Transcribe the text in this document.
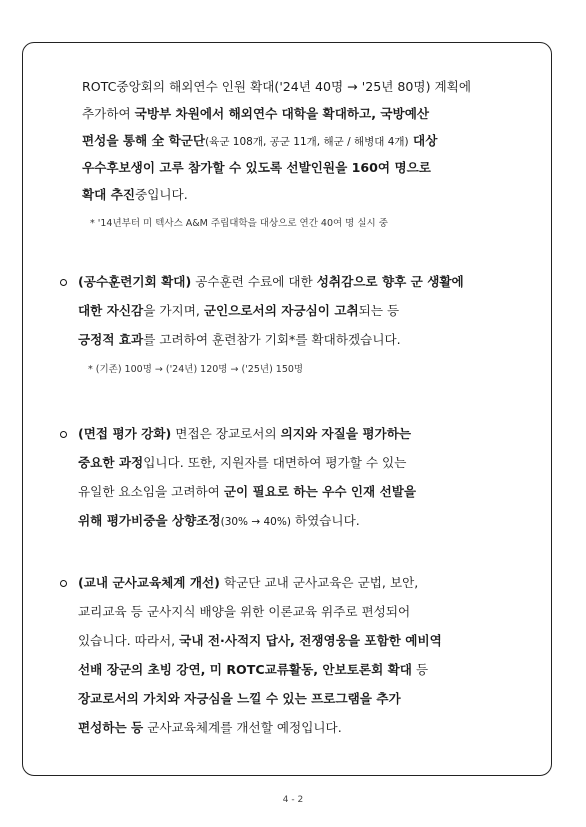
ROTC중앙회의 해외연수 인원 확대('24년 40명 → '25년 80명) 계획에
추가하여 국방부 차원에서 해외연수 대학을 확대하고, 국방예산
편성을 통해 全 학군단(육군 108개, 공군 11개, 해군 / 해병대 4개) 대상
우수후보생이 고루 참가할 수 있도록 선발인원을 160여 명으로
확대 추진중입니다.
* '14년부터 미 텍사스 A&M 주립대학을 대상으로 연간 40여 명 실시 중
(공수훈련기회 확대) 공수훈련 수료에 대한 성취감으로 향후 군 생활에
대한 자신감을 가지며, 군인으로서의 자긍심이 고취되는 등
긍정적 효과를 고려하여 훈련참가 기회*를 확대하겠습니다.
* (기존) 100명 → ('24년) 120명 → ('25년) 150명
(면접 평가 강화) 면접은 장교로서의 의지와 자질을 평가하는
중요한 과정입니다. 또한, 지원자를 대면하여 평가할 수 있는
유일한 요소임을 고려하여 군이 필요로 하는 우수 인재 선발을
위해 평가비중을 상향조정(30% → 40%) 하였습니다.
(교내 군사교육체계 개선) 학군단 교내 군사교육은 군법, 보안,
교리교육 등 군사지식 배양을 위한 이론교육 위주로 편성되어
있습니다. 따라서, 국내 전·사적지 답사, 전쟁영웅을 포함한 예비역
선배 장군의 초빙 강연, 미 ROTC교류활동, 안보토론회 확대 등
장교로서의 가치와 자긍심을 느낄 수 있는 프로그램을 추가
편성하는 등 군사교육체계를 개선할 예정입니다.
4 - 2
